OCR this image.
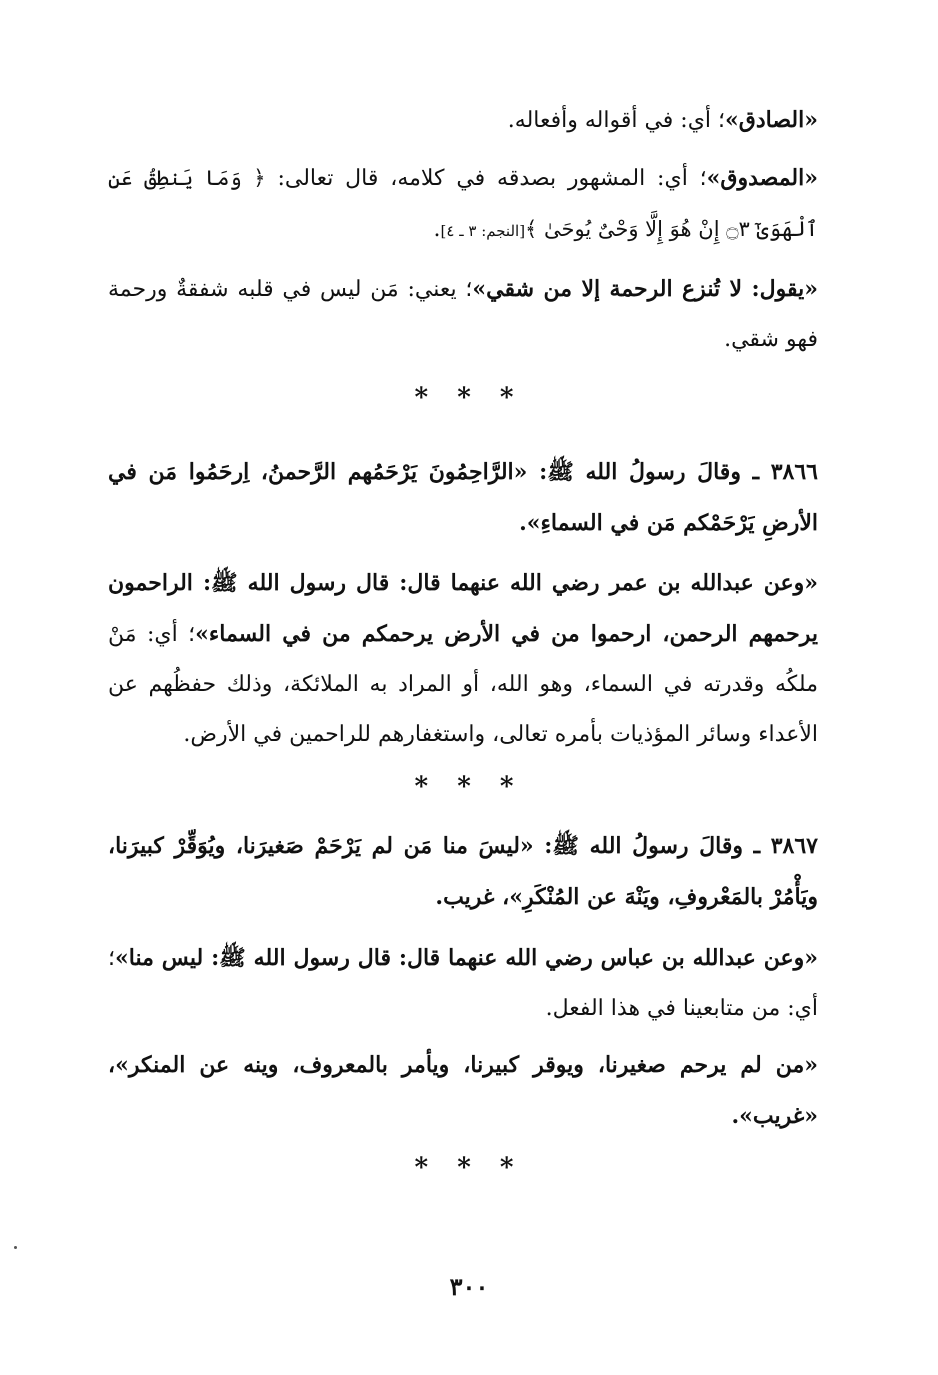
«الصادق»؛ أي: في أقواله وأفعاله.
«المصدوق»؛ أي: المشهور بصدقه في كلامه، قال تعالى: ﴿ وَمَا يَنطِقُ عَنِ ٱلْهَوَىٰٓ ۝٣ إِنْ هُوَ إِلَّا وَحْىٌ يُوحَىٰ ﴾[النجم: ٣ ـ ٤].
«يقول: لا تُنزع الرحمة إلا من شقي»؛ يعني: مَن ليس في قلبه شفقةٌ ورحمة فهو شقي.
* * *
٣٨٦٦ ـ وقالَ رسولُ الله ﷺ: «الرَّاحِمُونَ يَرْحَمُهم الرَّحمنُ، اِرحَمُوا مَن في الأرضِ يَرْحَمْكم مَن في السماءِ».
«وعن عبدالله بن عمر رضي الله عنهما قال: قال رسول الله ﷺ: الراحمون يرحمهم الرحمن، ارحموا من في الأرض يرحمكم من في السماء»؛ أي: مَنْ ملكُه وقدرته في السماء، وهو الله، أو المراد به الملائكة، وذلك حفظُهم عن الأعداء وسائر المؤذيات بأمره تعالى، واستغفارهم للراحمين في الأرض.
* * *
٣٨٦٧ ـ وقالَ رسولُ الله ﷺ: «ليسَ منا مَن لم يَرْحَمْ صَغيرَنا، ويُوَقِّرْ كبيرَنا، ويَأْمُرْ بالمَعْروفِ، ويَنْهَ عن المُنْكَرِ»، غريب.
«وعن عبدالله بن عباس رضي الله عنهما قال: قال رسول الله ﷺ: ليس منا»؛ أي: من متابعينا في هذا الفعل.
«من لم يرحم صغيرنا، ويوقر كبيرنا، ويأمر بالمعروف، وينه عن المنكر»، «غريب».
* * *
٣٠٠
